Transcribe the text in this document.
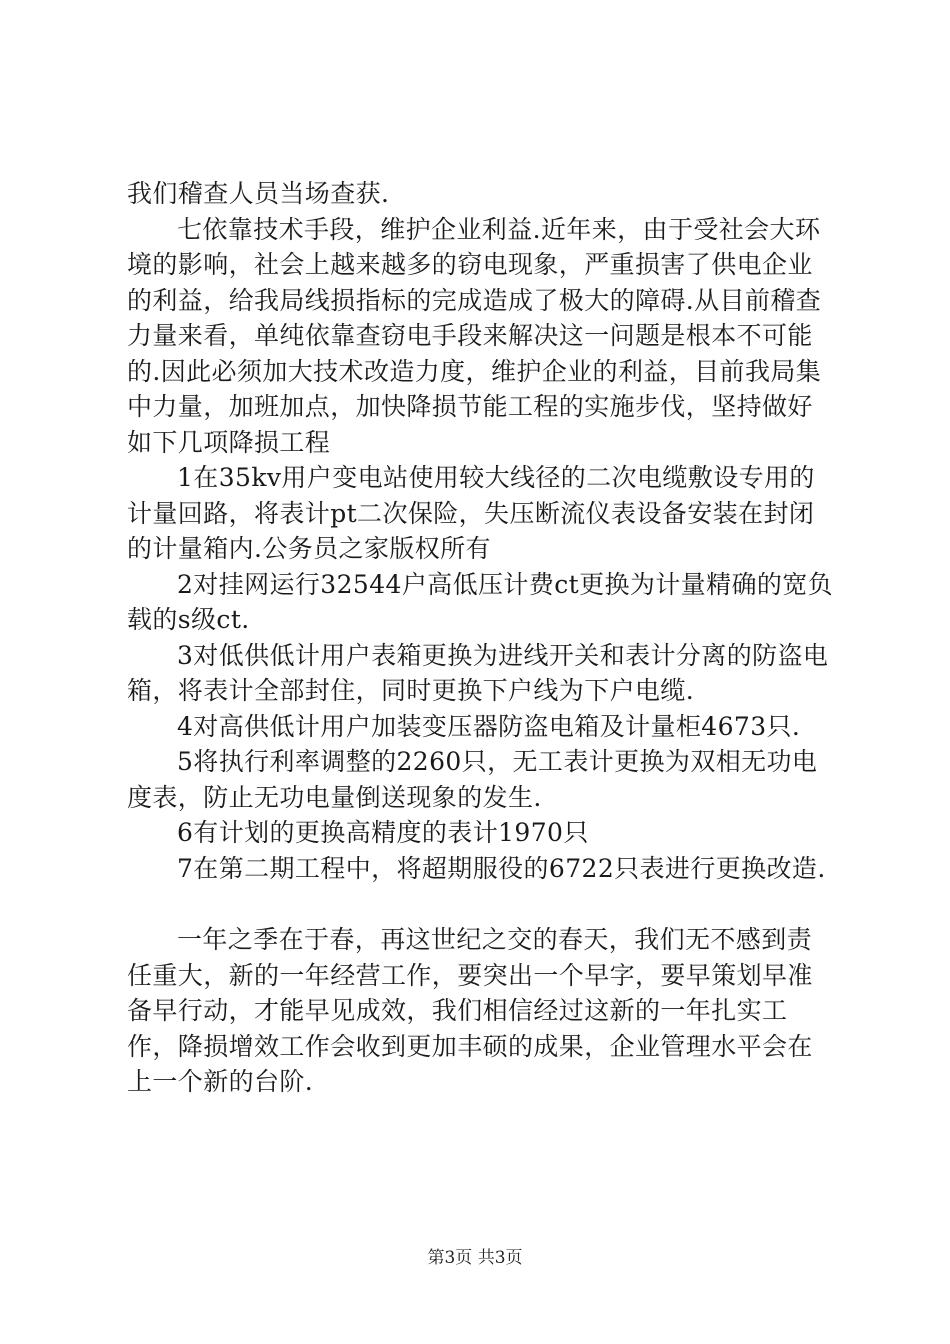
我们稽查人员当场查获.

七依靠技术手段，维护企业利益.近年来，由于受社会大环境的影响，社会上越来越多的窃电现象，严重损害了供电企业的利益，给我局线损指标的完成造成了极大的障碍.从目前稽查力量来看，单纯依靠查窃电手段来解决这一问题是根本不可能的.因此必须加大技术改造力度，维护企业的利益，目前我局集中力量，加班加点，加快降损节能工程的实施步伐，坚持做好如下几项降损工程

1在35kv用户变电站使用较大线径的二次电缆敷设专用的计量回路，将表计pt二次保险，失压断流仪表设备安装在封闭的计量箱内.公务员之家版权所有

2对挂网运行32544户高低压计费ct更换为计量精确的宽负载的s级ct.

3对低供低计用户表箱更换为进线开关和表计分离的防盗电箱，将表计全部封住，同时更换下户线为下户电缆.

4对高供低计用户加装变压器防盗电箱及计量柜4673只.

5将执行利率调整的2260只，无工表计更换为双相无功电度表，防止无功电量倒送现象的发生.

6有计划的更换高精度的表计1970只

7在第二期工程中，将超期服役的6722只表进行更换改造.

一年之季在于春，再这世纪之交的春天，我们无不感到责任重大，新的一年经营工作，要突出一个早字，要早策划早准备早行动，才能早见成效，我们相信经过这新的一年扎实工作，降损增效工作会收到更加丰硕的成果，企业管理水平会在上一个新的台阶.

第3页 共3页
